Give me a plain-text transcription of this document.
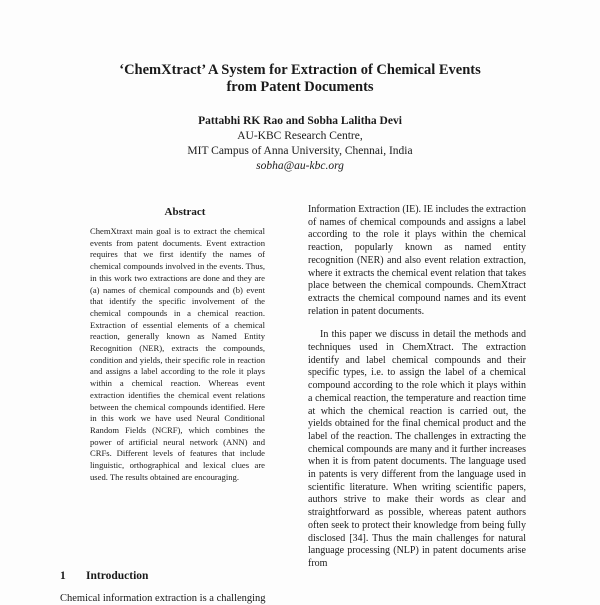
‘ChemXtract’ A System for Extraction of Chemical Events
from Patent Documents
Pattabhi RK Rao and Sobha Lalitha Devi
AU-KBC Research Centre,
MIT Campus of Anna University, Chennai, India
sobha@au-kbc.org
Abstract
ChemXtraxt main goal is to extract the chemical events from patent documents. Event extraction requires that we first identify the names of chemical compounds involved in the events. Thus, in this work two extractions are done and they are (a) names of chemical compounds and (b) event that identify the specific involvement of the chemical compounds in a chemical reaction. Extraction of essential elements of a chemical reaction, generally known as Named Entity Recognition (NER), extracts the compounds, condition and yields, their specific role in reaction and assigns a label according to the role it plays within a chemical reaction. Whereas event extraction identifies the chemical event relations between the chemical compounds identified. Here in this work we have used Neural Conditional Random Fields (NCRF), which combines the power of artificial neural network (ANN) and CRFs. Different levels of features that include linguistic, orthographical and lexical clues are used. The results obtained are encouraging.
1 Introduction
Chemical information extraction is a challenging

Information Extraction (IE). IE includes the extraction of names of chemical compounds and assigns a label according to the role it plays within the chemical reaction, popularly known as named entity recognition (NER) and also event relation extraction, where it extracts the chemical event relation that takes place between the chemical compounds. ChemXtract extracts the chemical compound names and its event relation in patent documents.

In this paper we discuss in detail the methods and techniques used in ChemXtract. The extraction identify and label chemical compounds and their specific types, i.e. to assign the label of a chemical compound according to the role which it plays within a chemical reaction, the temperature and reaction time at which the chemical reaction is carried out, the yields obtained for the final chemical product and the label of the reaction. The challenges in extracting the chemical compounds are many and it further increases when it is from patent documents. The language used in patents is very different from the language used in scientific literature. When writing scientific papers, authors strive to make their words as clear and straightforward as possible, whereas patent authors often seek to protect their knowledge from being fully disclosed [34]. Thus the main challenges for natural language processing (NLP) in patent documents arise from
